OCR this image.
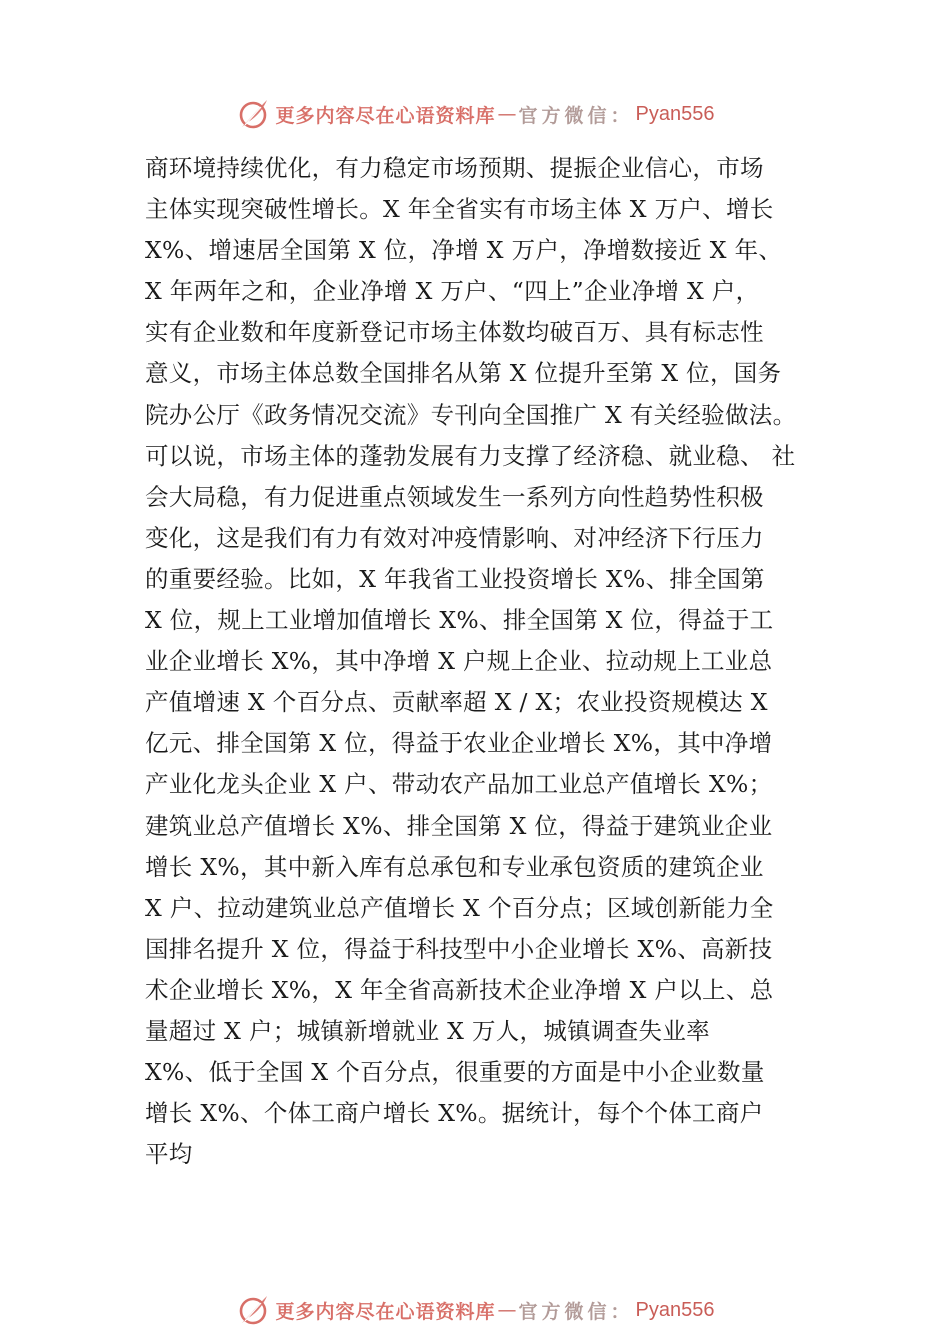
更多内容尽在心语资料库 — 官方微信： Pyan556
商环境持续优化，有力稳定市场预期、提振企业信心，市场
主体实现突破性增长。X 年全省实有市场主体 X 万户、增长
X%、增速居全国第 X 位，净增 X 万户，净增数接近 X 年、
X 年两年之和，企业净增 X 万户、“四上”企业净增 X 户，
实有企业数和年度新登记市场主体数均破百万、具有标志性
意义，市场主体总数全国排名从第 X 位提升至第 X 位，国务
院办公厅《政务情况交流》专刊向全国推广 X 有关经验做法。
可以说，市场主体的蓬勃发展有力支撑了经济稳、就业稳、 社
会大局稳，有力促进重点领域发生一系列方向性趋势性积极
变化，这是我们有力有效对冲疫情影响、对冲经济下行压力
的重要经验。比如，X 年我省工业投资增长 X%、排全国第
X 位，规上工业增加值增长 X%、排全国第 X 位，得益于工
业企业增长 X%，其中净增 X 户规上企业、拉动规上工业总
产值增速 X 个百分点、贡献率超 X / X；农业投资规模达 X
亿元、排全国第 X 位，得益于农业企业增长 X%，其中净增
产业化龙头企业 X 户、带动农产品加工业总产值增长 X%；
建筑业总产值增长 X%、排全国第 X 位，得益于建筑业企业
增长 X%，其中新入库有总承包和专业承包资质的建筑企业
X 户、拉动建筑业总产值增长 X 个百分点；区域创新能力全
国排名提升 X 位，得益于科技型中小企业增长 X%、高新技
术企业增长 X%，X 年全省高新技术企业净增 X 户以上、总
量超过 X 户；城镇新增就业 X 万人，城镇调查失业率
X%、低于全国 X 个百分点，很重要的方面是中小企业数量
增长 X%、个体工商户增长 X%。据统计，每个个体工商户
平均
更多内容尽在心语资料库 — 官方微信： Pyan556
